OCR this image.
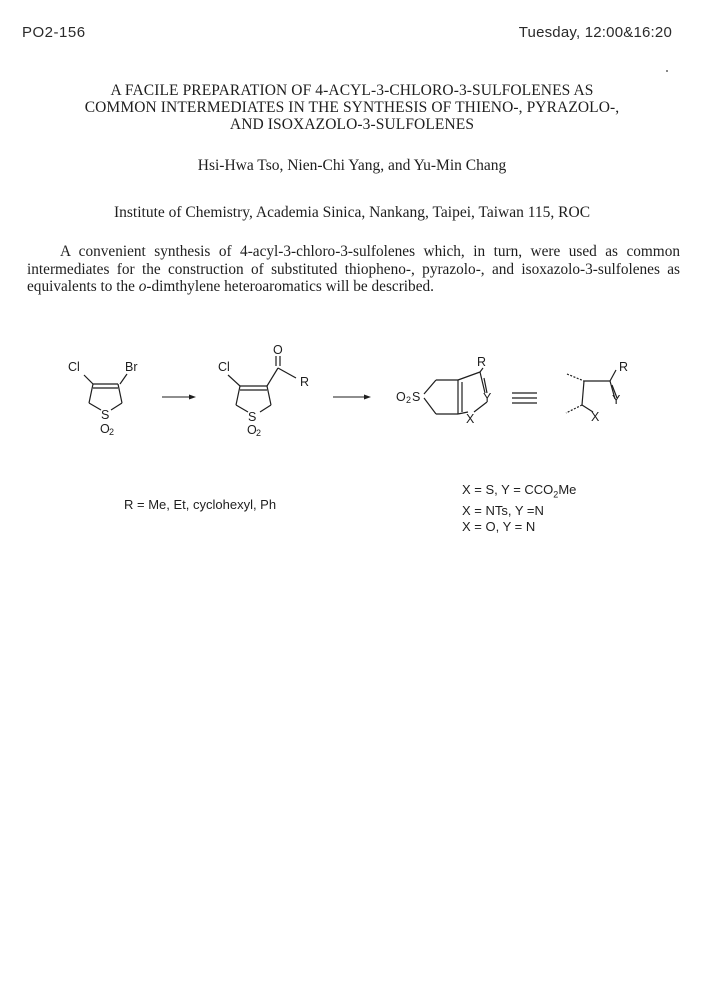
PO2-156	Tuesday, 12:00&16:20
A FACILE PREPARATION OF 4-ACYL-3-CHLORO-3-SULFOLENES AS
COMMON INTERMEDIATES IN THE SYNTHESIS OF THIENO-, PYRAZOLO-,
AND ISOXAZOLO-3-SULFOLENES
Hsi-Hwa Tso, Nien-Chi Yang, and Yu-Min Chang
Institute of Chemistry, Academia Sinica, Nankang, Taipei, Taiwan 115, ROC
A convenient synthesis of 4-acyl-3-chloro-3-sulfolenes which, in turn, were used as common intermediates for the construction of substituted thiopheno-, pyrazolo-, and isoxazolo-3-sulfolenes as equivalents to the o-dimthylene heteroaromatics will be described.
Cl	Br
S
O 2
Cl
O
R
S
O 2
R
O 2 S	Y
X
R
Y
X
R = Me, Et, cyclohexyl, Ph
X = S, $Y = CCO_2Me$
X = NTs, Y =N
X = O, Y = N
